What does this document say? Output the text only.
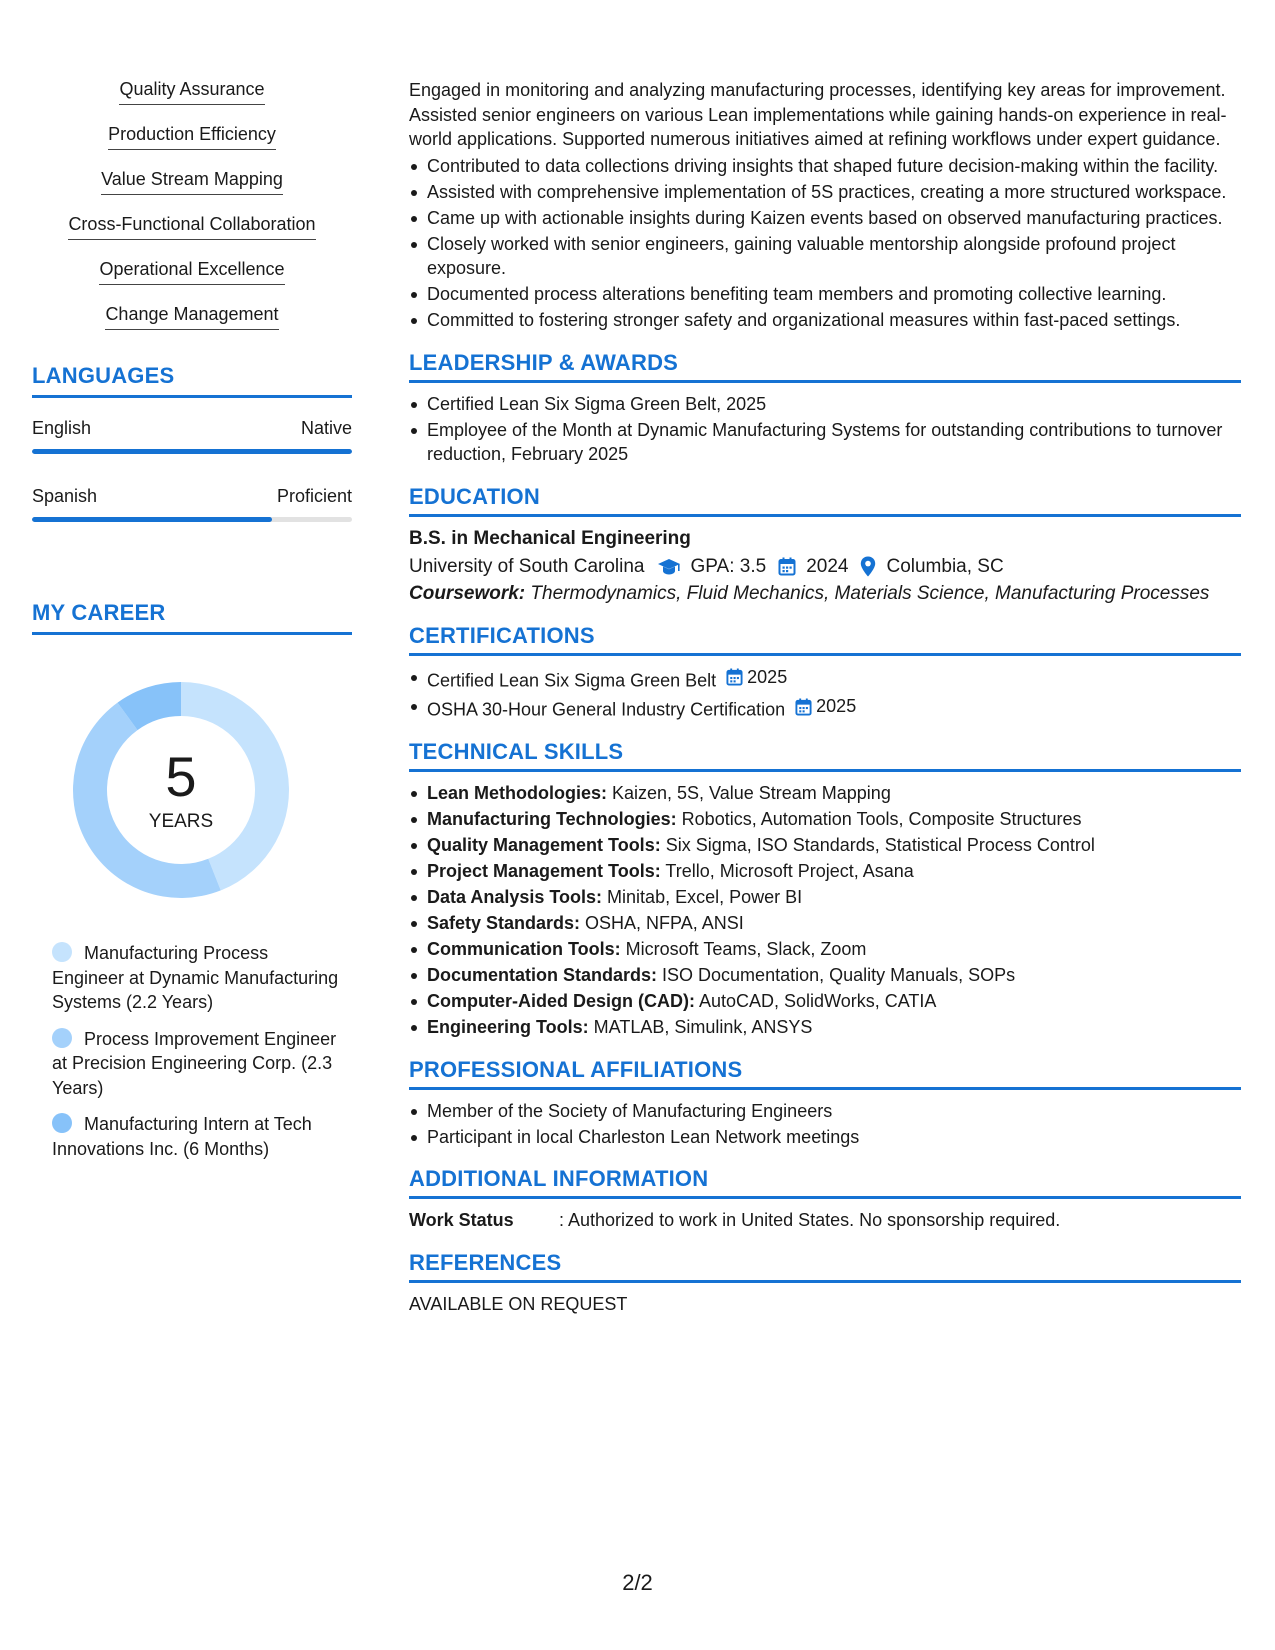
Quality Assurance
Production Efficiency
Value Stream Mapping
Cross-Functional Collaboration
Operational Excellence
Change Management
LANGUAGES
English	Native
Spanish	Proficient
MY CAREER
5
YEARS
Manufacturing Process Engineer at Dynamic Manufacturing Systems (2.2 Years)
Process Improvement Engineer at Precision Engineering Corp. (2.3 Years)
Manufacturing Intern at Tech Innovations Inc. (6 Months)

Engaged in monitoring and analyzing manufacturing processes, identifying key areas for improvement. Assisted senior engineers on various Lean implementations while gaining hands-on experience in real-world applications. Supported numerous initiatives aimed at refining workflows under expert guidance.

Contributed to data collections driving insights that shaped future decision-making within the facility.
Assisted with comprehensive implementation of 5S practices, creating a more structured workspace.
Came up with actionable insights during Kaizen events based on observed manufacturing practices.
Closely worked with senior engineers, gaining valuable mentorship alongside profound project exposure.
Documented process alterations benefiting team members and promoting collective learning.
Committed to fostering stronger safety and organizational measures within fast-paced settings.
LEADERSHIP & AWARDS
Certified Lean Six Sigma Green Belt, 2025
Employee of the Month at Dynamic Manufacturing Systems for outstanding contributions to turnover reduction, February 2025
EDUCATION
B.S. in Mechanical Engineering
University of South Carolina GPA: 3.5 2024 Columbia, SC
Coursework: Thermodynamics, Fluid Mechanics, Materials Science, Manufacturing Processes
CERTIFICATIONS
Certified Lean Six Sigma Green Belt 2025
OSHA 30-Hour General Industry Certification 2025
TECHNICAL SKILLS
Lean Methodologies: Kaizen, 5S, Value Stream Mapping
Manufacturing Technologies: Robotics, Automation Tools, Composite Structures
Quality Management Tools: Six Sigma, ISO Standards, Statistical Process Control
Project Management Tools: Trello, Microsoft Project, Asana
Data Analysis Tools: Minitab, Excel, Power BI
Safety Standards: OSHA, NFPA, ANSI
Communication Tools: Microsoft Teams, Slack, Zoom
Documentation Standards: ISO Documentation, Quality Manuals, SOPs
Computer-Aided Design (CAD): AutoCAD, SolidWorks, CATIA
Engineering Tools: MATLAB, Simulink, ANSYS
PROFESSIONAL AFFILIATIONS
Member of the Society of Manufacturing Engineers
Participant in local Charleston Lean Network meetings
ADDITIONAL INFORMATION
Work Status	: Authorized to work in United States. No sponsorship required.
REFERENCES
AVAILABLE ON REQUEST
2/2
